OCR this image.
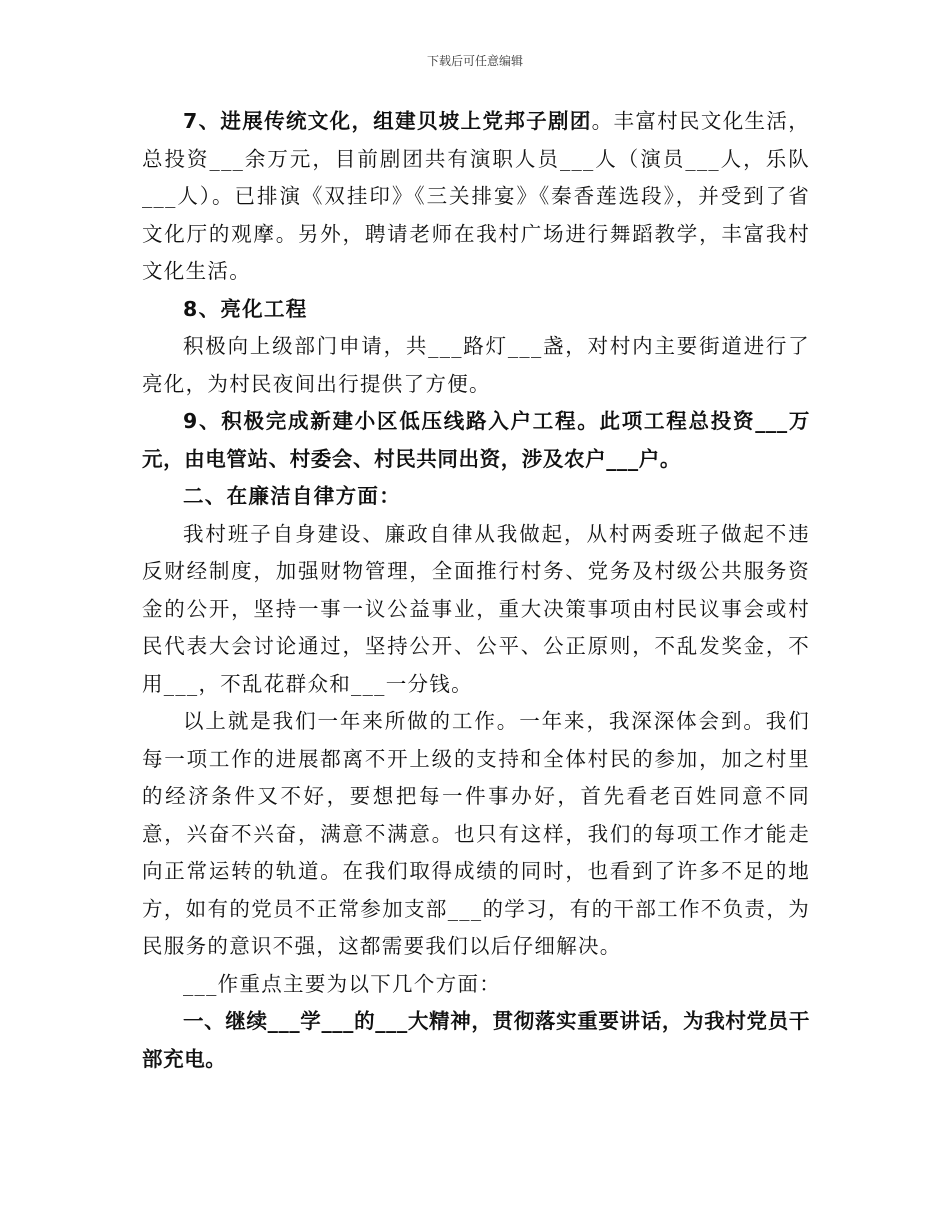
下载后可任意编辑

7、进展传统文化，组建贝坡上党邦子剧团。丰富村民文化生活，总投资___余万元，目前剧团共有演职人员___人（演员___人，乐队___人）。已排演《双挂印》《三关排宴》《秦香莲选段》，并受到了省文化厅的观摩。另外，聘请老师在我村广场进行舞蹈教学，丰富我村文化生活。

8、亮化工程

积极向上级部门申请，共___路灯___盏，对村内主要街道进行了亮化，为村民夜间出行提供了方便。

9、积极完成新建小区低压线路入户工程。此项工程总投资___万元，由电管站、村委会、村民共同出资，涉及农户___户。

二、在廉洁自律方面：

我村班子自身建设、廉政自律从我做起，从村两委班子做起不违反财经制度，加强财物管理，全面推行村务、党务及村级公共服务资金的公开，坚持一事一议公益事业，重大决策事项由村民议事会或村民代表大会讨论通过，坚持公开、公平、公正原则，不乱发奖金，不用___，不乱花群众和___一分钱。

以上就是我们一年来所做的工作。一年来，我深深体会到。我们每一项工作的进展都离不开上级的支持和全体村民的参加，加之村里的经济条件又不好，要想把每一件事办好，首先看老百姓同意不同意，兴奋不兴奋，满意不满意。也只有这样，我们的每项工作才能走向正常运转的轨道。在我们取得成绩的同时，也看到了许多不足的地方，如有的党员不正常参加支部___的学习，有的干部工作不负责，为民服务的意识不强，这都需要我们以后仔细解决。

___作重点主要为以下几个方面：

一、继续___学___的___大精神，贯彻落实重要讲话，为我村党员干部充电。
